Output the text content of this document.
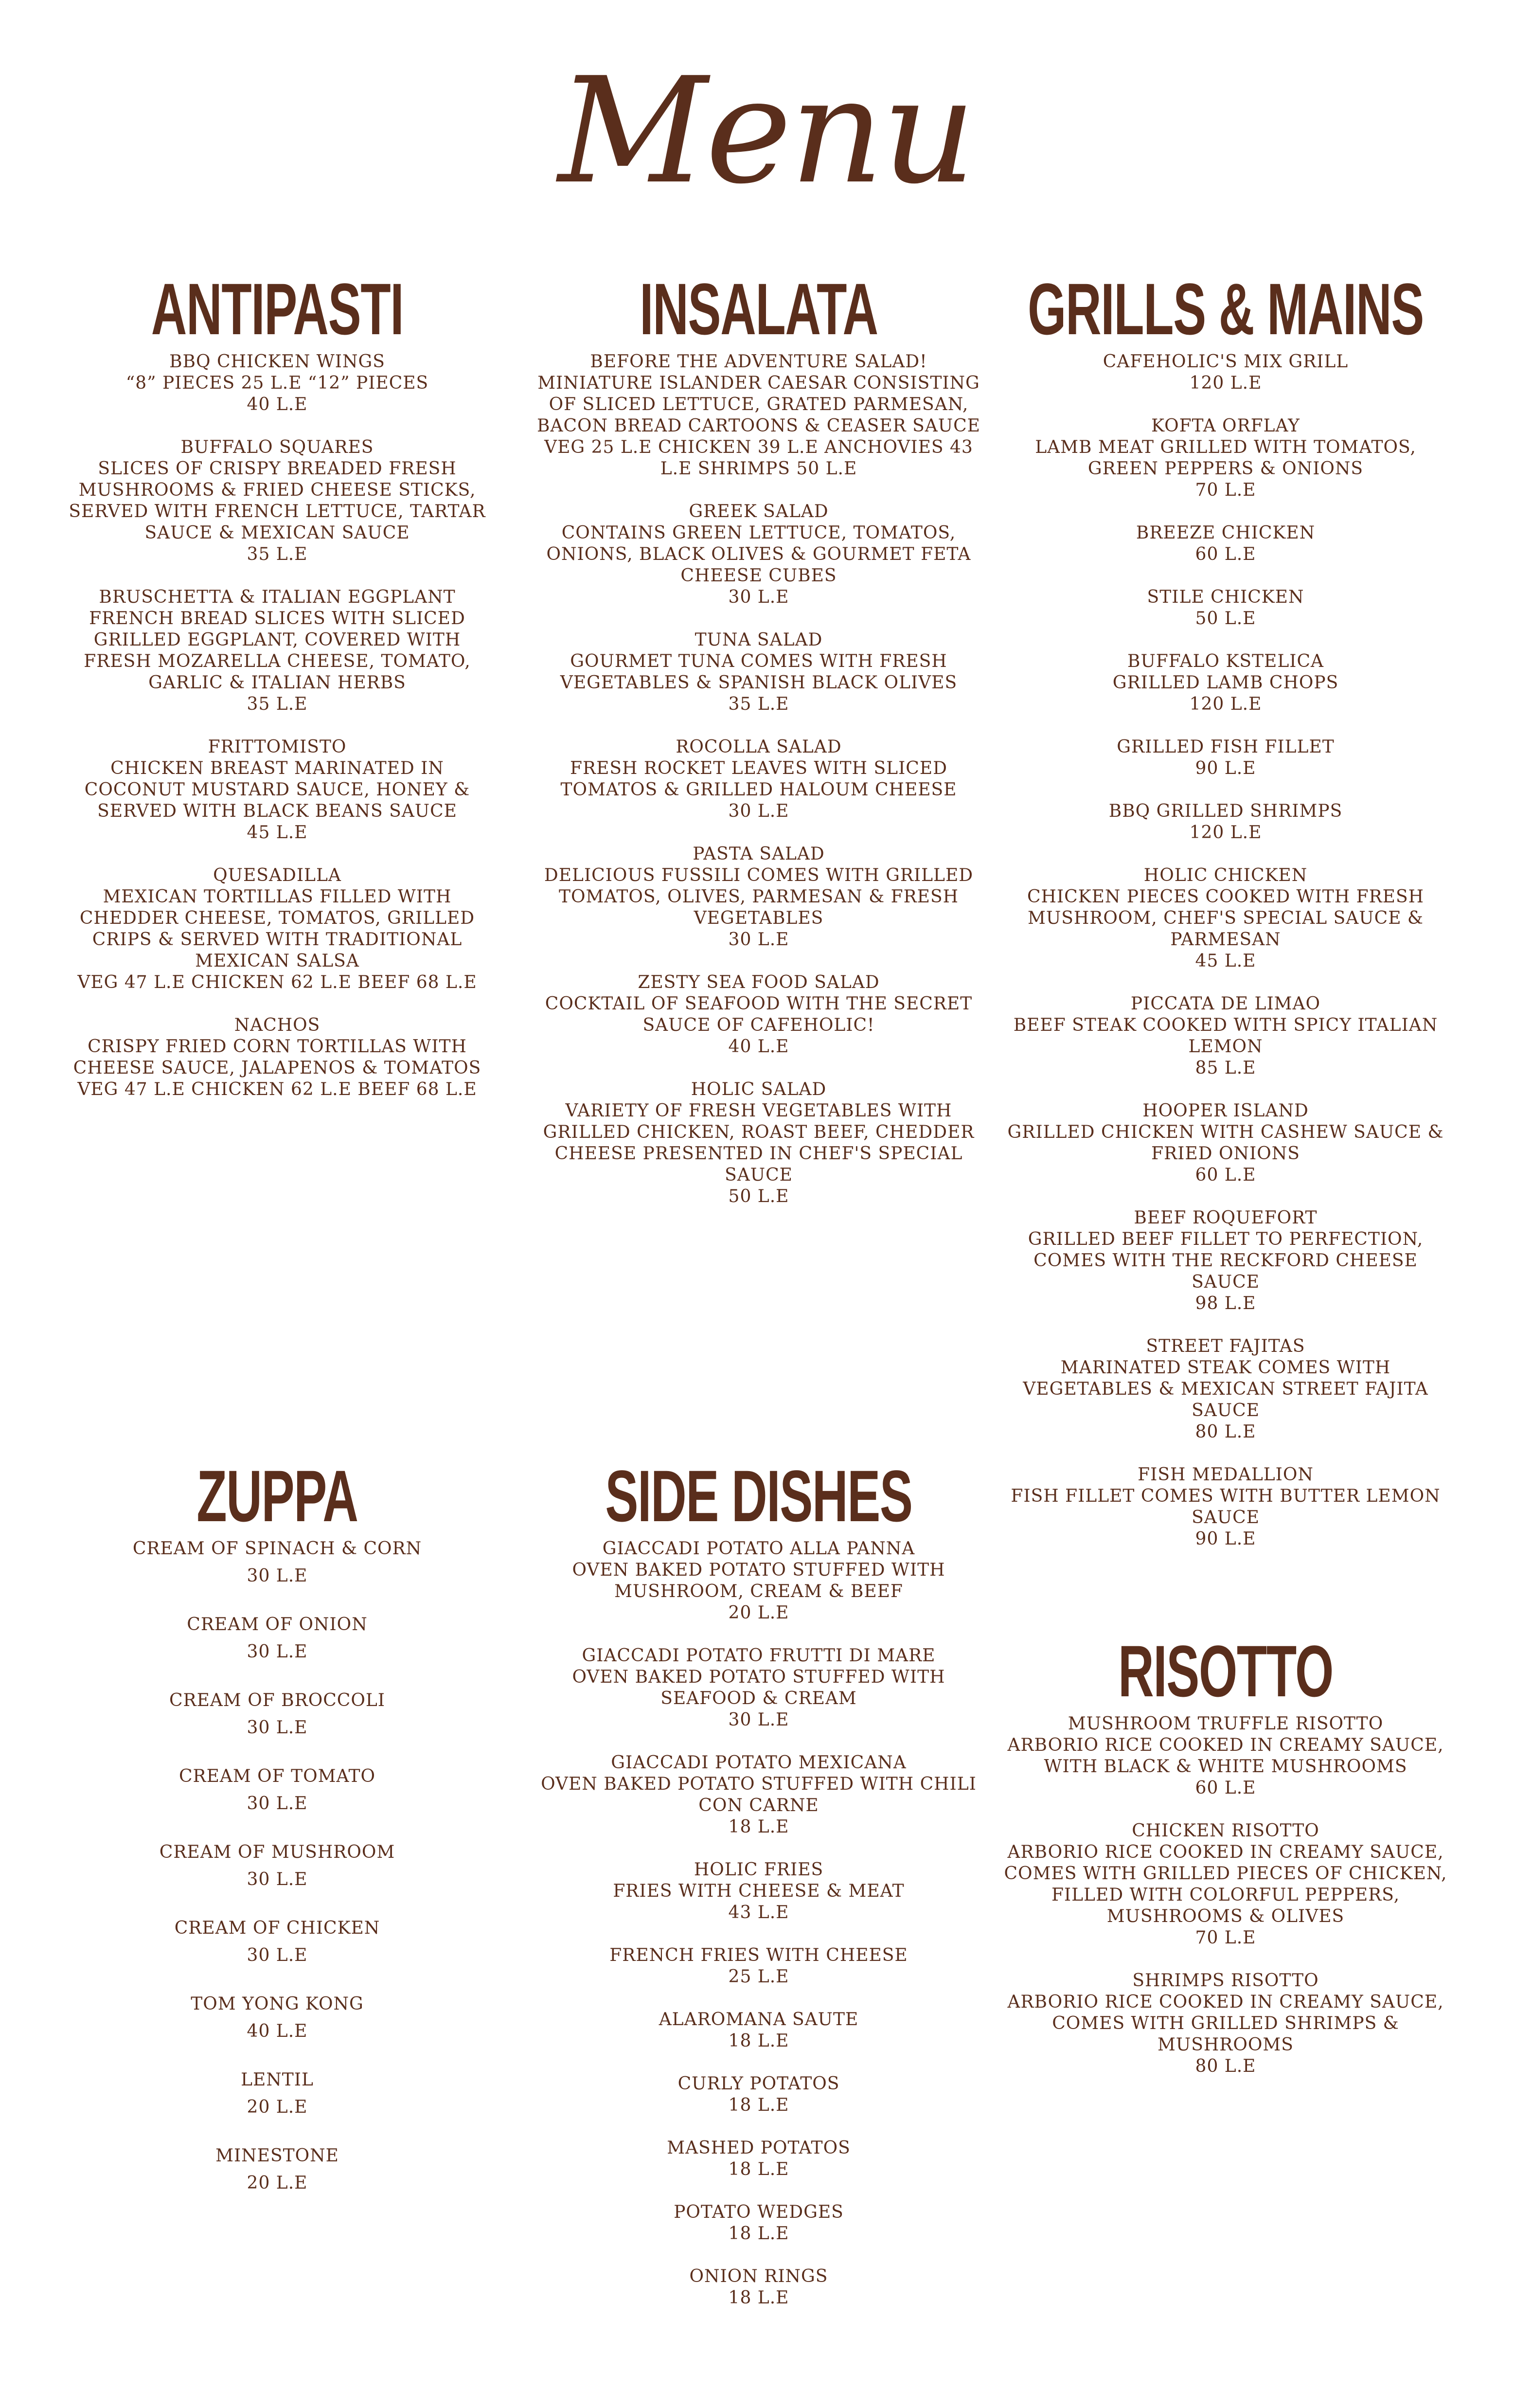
Menu
ANTIPASTI
BBQ CHICKEN WINGS
“8” PIECES 25 L.E “12” PIECES
40 L.E
BUFFALO SQUARES
SLICES OF CRISPY BREADED FRESH MUSHROOMS & FRIED CHEESE STICKS, SERVED WITH FRENCH LETTUCE, TARTAR SAUCE & MEXICAN SAUCE
35 L.E
BRUSCHETTA & ITALIAN EGGPLANT
FRENCH BREAD SLICES WITH SLICED GRILLED EGGPLANT, COVERED WITH FRESH MOZARELLA CHEESE, TOMATO, GARLIC & ITALIAN HERBS
35 L.E
FRITTOMISTO
CHICKEN BREAST MARINATED IN COCONUT MUSTARD SAUCE, HONEY & SERVED WITH BLACK BEANS SAUCE
45 L.E
QUESADILLA
MEXICAN TORTILLAS FILLED WITH CHEDDER CHEESE, TOMATOS, GRILLED CRIPS & SERVED WITH TRADITIONAL MEXICAN SALSA
VEG 47 L.E CHICKEN 62 L.E BEEF 68 L.E
NACHOS
CRISPY FRIED CORN TORTILLAS WITH CHEESE SAUCE, JALAPENOS & TOMATOS
VEG 47 L.E CHICKEN 62 L.E BEEF 68 L.E
INSALATA
BEFORE THE ADVENTURE SALAD!
MINIATURE ISLANDER CAESAR CONSISTING OF SLICED LETTUCE, GRATED PARMESAN, BACON BREAD CARTOONS & CEASER SAUCE
VEG 25 L.E CHICKEN 39 L.E ANCHOVIES 43 L.E SHRIMPS 50 L.E
GREEK SALAD
CONTAINS GREEN LETTUCE, TOMATOS, ONIONS, BLACK OLIVES & GOURMET FETA CHEESE CUBES
30 L.E
TUNA SALAD
GOURMET TUNA COMES WITH FRESH VEGETABLES & SPANISH BLACK OLIVES
35 L.E
ROCOLLA SALAD
FRESH ROCKET LEAVES WITH SLICED TOMATOS & GRILLED HALOUM CHEESE
30 L.E
PASTA SALAD
DELICIOUS FUSSILI COMES WITH GRILLED TOMATOS, OLIVES, PARMESAN & FRESH VEGETABLES
30 L.E
ZESTY SEA FOOD SALAD
COCKTAIL OF SEAFOOD WITH THE SECRET SAUCE OF CAFEHOLIC!
40 L.E
HOLIC SALAD
VARIETY OF FRESH VEGETABLES WITH GRILLED CHICKEN, ROAST BEEF, CHEDDER CHEESE PRESENTED IN CHEF'S SPECIAL SAUCE
50 L.E
GRILLS & MAINS
CAFEHOLIC'S MIX GRILL
120 L.E
KOFTA ORFLAY
LAMB MEAT GRILLED WITH TOMATOS, GREEN PEPPERS & ONIONS
70 L.E
BREEZE CHICKEN
60 L.E
STILE CHICKEN
50 L.E
BUFFALO KSTELICA
GRILLED LAMB CHOPS
120 L.E
GRILLED FISH FILLET
90 L.E
BBQ GRILLED SHRIMPS
120 L.E
HOLIC CHICKEN
CHICKEN PIECES COOKED WITH FRESH MUSHROOM, CHEF'S SPECIAL SAUCE & PARMESAN
45 L.E
PICCATA DE LIMAO
BEEF STEAK COOKED WITH SPICY ITALIAN LEMON
85 L.E
HOOPER ISLAND
GRILLED CHICKEN WITH CASHEW SAUCE & FRIED ONIONS
60 L.E
BEEF ROQUEFORT
GRILLED BEEF FILLET TO PERFECTION, COMES WITH THE RECKFORD CHEESE SAUCE
98 L.E
STREET FAJITAS
MARINATED STEAK COMES WITH VEGETABLES & MEXICAN STREET FAJITA SAUCE
80 L.E
FISH MEDALLION
FISH FILLET COMES WITH BUTTER LEMON SAUCE
90 L.E
ZUPPA
CREAM OF SPINACH & CORN
30 L.E
CREAM OF ONION
30 L.E
CREAM OF BROCCOLI
30 L.E
CREAM OF TOMATO
30 L.E
CREAM OF MUSHROOM
30 L.E
CREAM OF CHICKEN
30 L.E
TOM YONG KONG
40 L.E
LENTIL
20 L.E
MINESTONE
20 L.E
SIDE DISHES
GIACCADI POTATO ALLA PANNA
OVEN BAKED POTATO STUFFED WITH MUSHROOM, CREAM & BEEF
20 L.E
GIACCADI POTATO FRUTTI DI MARE
OVEN BAKED POTATO STUFFED WITH SEAFOOD & CREAM
30 L.E
GIACCADI POTATO MEXICANA
OVEN BAKED POTATO STUFFED WITH CHILI CON CARNE
18 L.E
HOLIC FRIES
FRIES WITH CHEESE & MEAT
43 L.E
FRENCH FRIES WITH CHEESE
25 L.E
ALAROMANA SAUTE
18 L.E
CURLY POTATOS
18 L.E
MASHED POTATOS
18 L.E
POTATO WEDGES
18 L.E
ONION RINGS
18 L.E
RISOTTO
MUSHROOM TRUFFLE RISOTTO
ARBORIO RICE COOKED IN CREAMY SAUCE, WITH BLACK & WHITE MUSHROOMS
60 L.E
CHICKEN RISOTTO
ARBORIO RICE COOKED IN CREAMY SAUCE, COMES WITH GRILLED PIECES OF CHICKEN, FILLED WITH COLORFUL PEPPERS, MUSHROOMS & OLIVES
70 L.E
SHRIMPS RISOTTO
ARBORIO RICE COOKED IN CREAMY SAUCE, COMES WITH GRILLED SHRIMPS & MUSHROOMS
80 L.E
